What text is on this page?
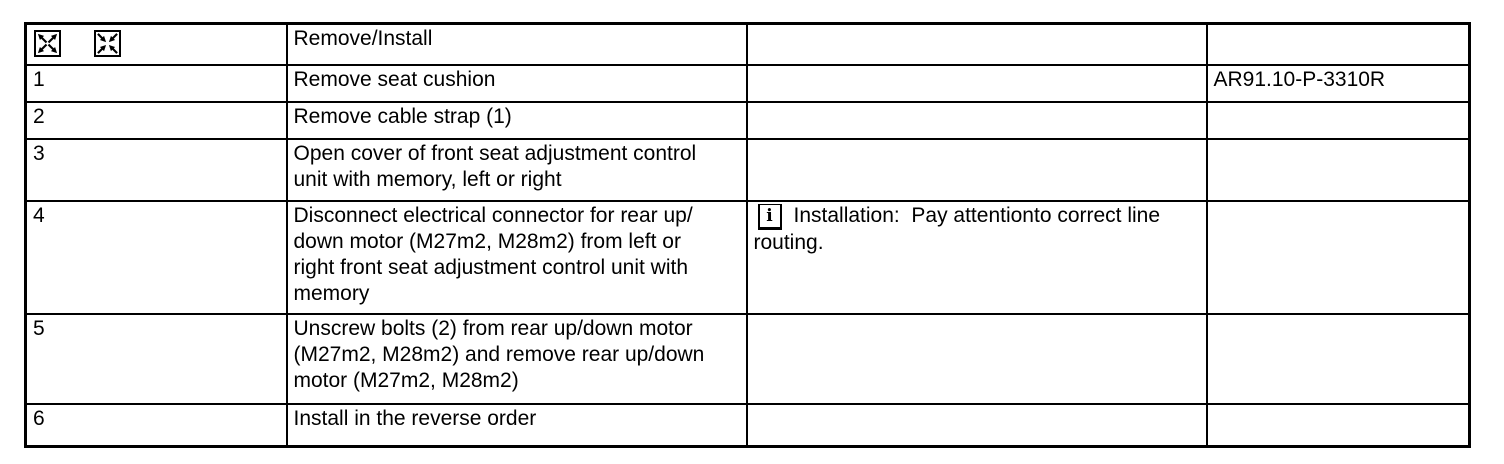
Remove/Install		

1	Remove seat cushion		AR91.10-P-3310R
2	Remove cable strap (1)		

3	Open cover of front seat adjustment control unit with memory, left or right		

4	Disconnect electrical connector for rear up/​down motor (M27m2, M28m2) from left or right front seat adjustment control unit with memory	i Installation:  Pay attentionto correct line routing.	

5	Unscrew bolts (2) from rear up/down motor (M27m2, M28m2) and remove rear up/down motor (M27m2, M28m2)		

6	Install in the reverse order		
